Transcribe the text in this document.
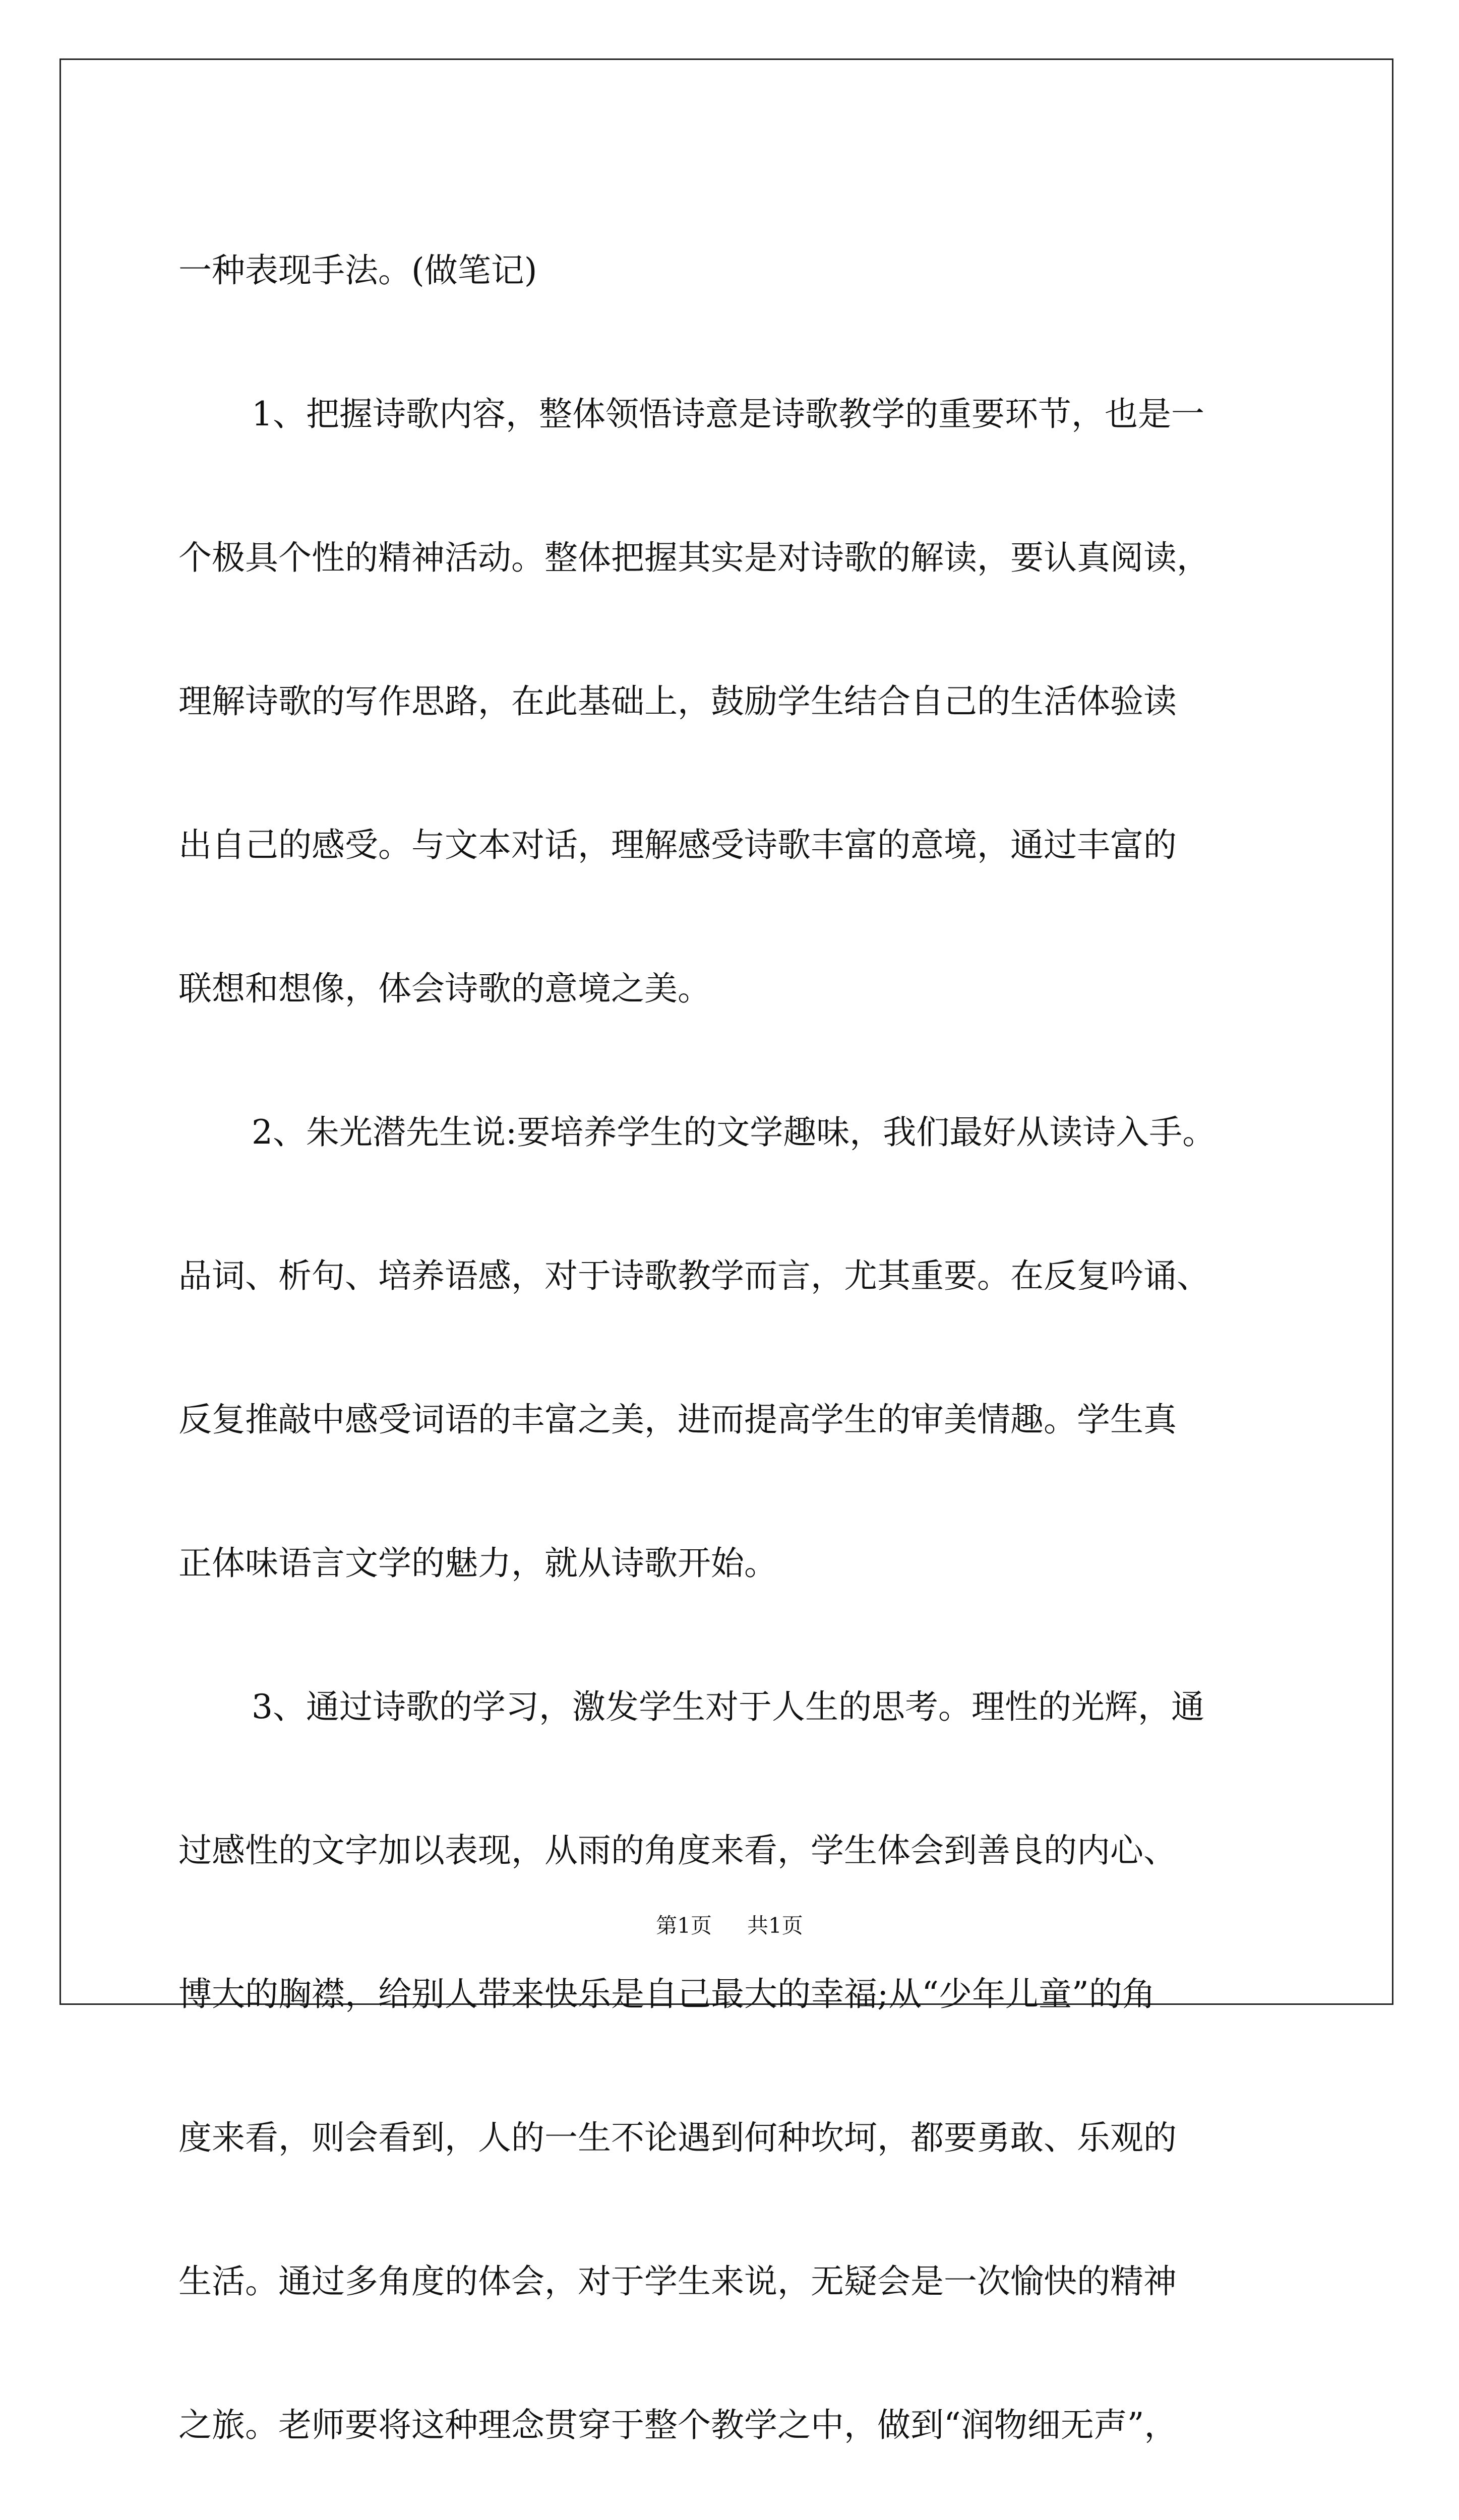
一种表现手法。(做笔记)
1、把握诗歌内容，整体领悟诗意是诗歌教学的重要环节，也是一
个极具个性的精神活动。整体把握其实是对诗歌的解读，要认真阅读，
理解诗歌的写作思路，在此基础上，鼓励学生结合自己的生活体验读
出自己的感受。与文本对话，理解感受诗歌丰富的意境，通过丰富的
联想和想像，体会诗歌的意境之美。
2、朱光潜先生说:要培养学生的文学趣味，我们最好从读诗入手。
品词、析句、培养语感，对于诗歌教学而言，尤其重要。在反复吟诵、
反复推敲中感受词语的丰富之美，进而提高学生的审美情趣。学生真
正体味语言文学的魅力，就从诗歌开始。
3、通过诗歌的学习，激发学生对于人生的思考。理性的光辉，通
过感性的文字加以表现，从雨的角度来看，学生体会到善良的内心、
博大的胸襟，给别人带来快乐是自己最大的幸福;从“少年儿童”的角
度来看，则会看到，人的一生不论遇到何种坎坷，都要勇敢、乐观的
生活。通过多角度的体会，对于学生来说，无疑会是一次愉快的精神
之旅。老师要将这种理念贯穿于整个教学之中，做到“润物细无声”，
第1页 共1页
